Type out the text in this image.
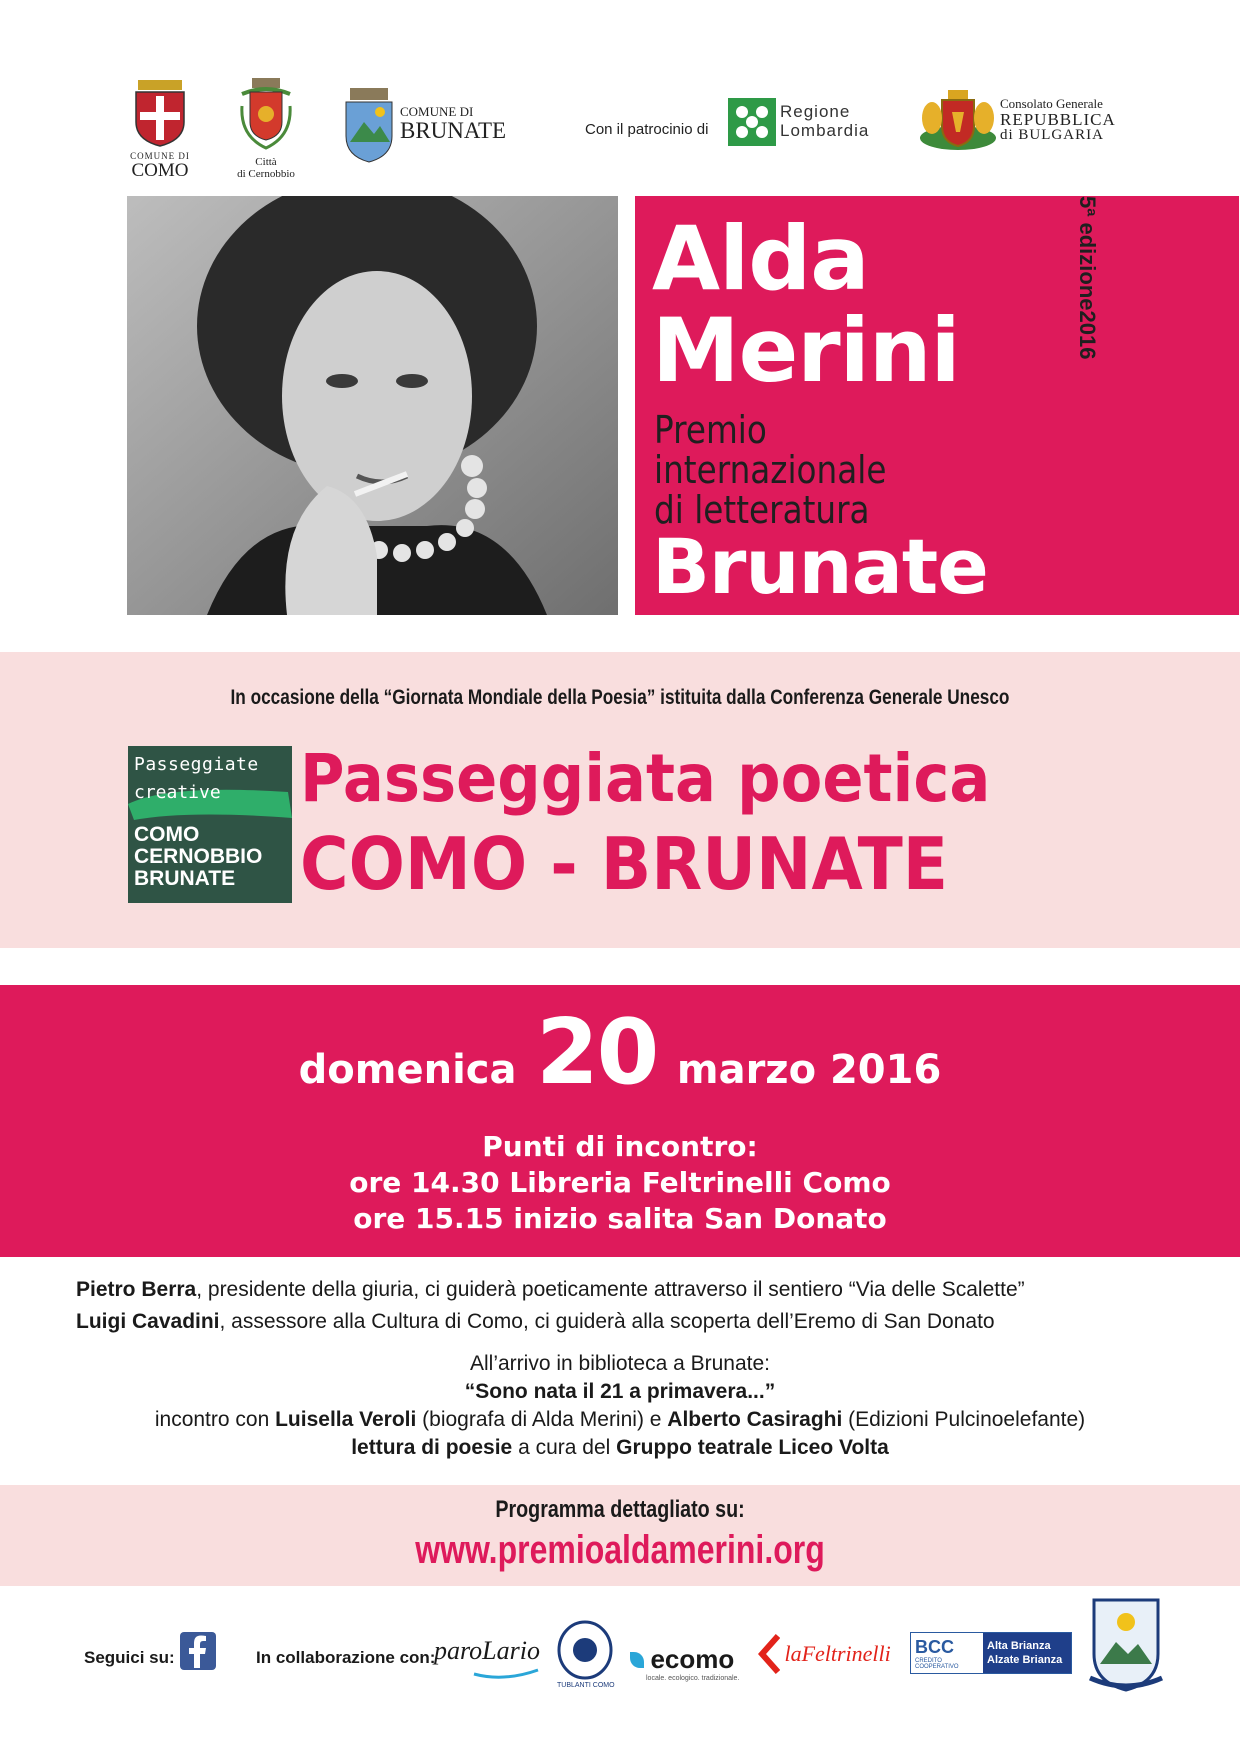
COMUNE DI
COMO	Città
di Cernobbio
COMUNE DI
BRUNATE	Con il patrocinio di
Regione
Lombardia
Consolato Generale
REPUBBLICA
di BULGARIA
Alda
Merini
Premio
internazionale
di letteratura
Brunate
5ª edizione2016
In occasione della “Giornata Mondiale della Poesia” istituita dalla Conferenza Generale Unesco
Passeggiate
creative
COMO
CERNOBBIO
BRUNATE
Passeggiata poetica
COMO - BRUNATE
domenica 20 marzo 2016
Punti di incontro:
ore 14.30 Libreria Feltrinelli Como
ore 15.15 inizio salita San Donato
Pietro Berra, presidente della giuria, ci guiderà poeticamente attraverso il sentiero “Via delle Scalette”
Luigi Cavadini, assessore alla Cultura di Como, ci guiderà alla scoperta dell’Eremo di San Donato
All’arrivo in biblioteca a Brunate:
“Sono nata il 21 a primavera...”
incontro con Luisella Veroli (biografa di Alda Merini) e Alberto Casiraghi (Edizioni Pulcinoelefante)
lettura di poesie a cura del Gruppo teatrale Liceo Volta
Programma dettagliato su:
www.premioaldamerini.org
Seguici su:	In collaborazione con:
paroLario
TUBLANTI COMO
ecomo
locale. ecologico. tradizionale.
laFeltrinelli BCC
CREDITO COOPERATIVO
Alta Brianza
Alzate Brianza
